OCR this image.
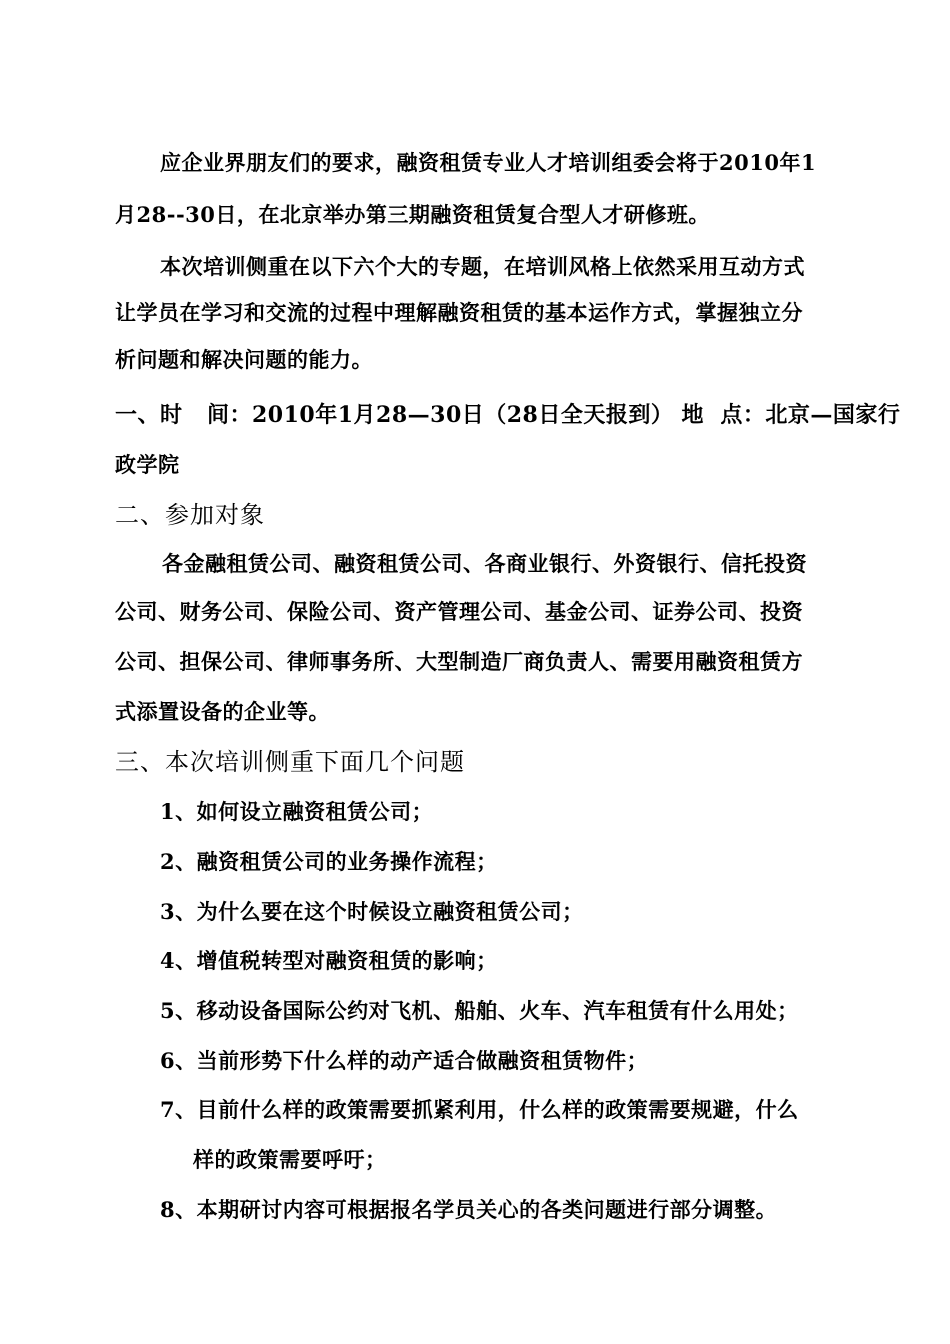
应企业界朋友们的要求，融资租赁专业人才培训组委会将于2010年1
月28--30日，在北京举办第三期融资租赁复合型人才研修班。
本次培训侧重在以下六个大的专题，在培训风格上依然采用互动方式
让学员在学习和交流的过程中理解融资租赁的基本运作方式，掌握独立分
析问题和解决问题的能力。
一、时   间：2010年1月28—30日（28日全天报到） 地  点：北京—国家行
政学院
二、参加对象
各金融租赁公司、融资租赁公司、各商业银行、外资银行、信托投资
公司、财务公司、保险公司、资产管理公司、基金公司、证券公司、投资
公司、担保公司、律师事务所、大型制造厂商负责人、需要用融资租赁方
式添置设备的企业等。
三、本次培训侧重下面几个问题
1、如何设立融资租赁公司；
2、融资租赁公司的业务操作流程；
3、为什么要在这个时候设立融资租赁公司；
4、增值税转型对融资租赁的影响；
5、移动设备国际公约对飞机、船舶、火车、汽车租赁有什么用处；
6、当前形势下什么样的动产适合做融资租赁物件；
7、目前什么样的政策需要抓紧利用，什么样的政策需要规避，什么
样的政策需要呼吁；
8、本期研讨内容可根据报名学员关心的各类问题进行部分调整。
